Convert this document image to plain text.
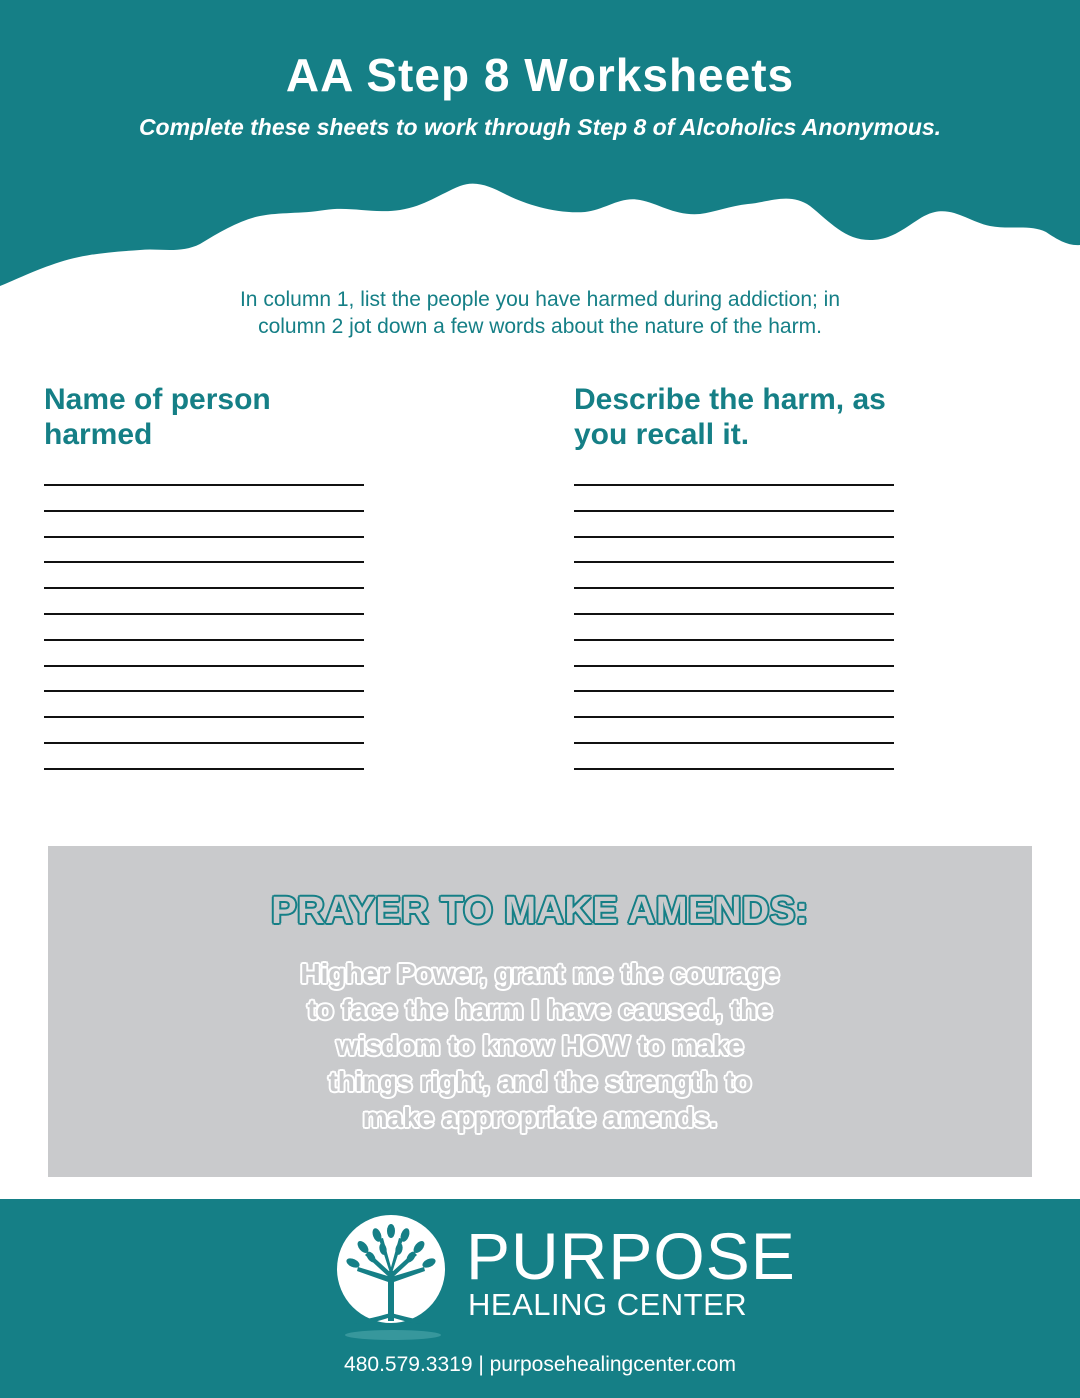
AA Step 8 Worksheets

Complete these sheets to work through Step 8 of Alcoholics Anonymous.

In column 1, list the people you have harmed during addiction; in
column 2 jot down a few words about the nature of the harm.

Name of person
harmed
Describe the harm, as
you recall it.
PRAYER TO MAKE AMENDS:

Higher Power, grant me the courage
to face the harm I have caused, the
wisdom to know HOW to make
things right, and the strength to
make appropriate amends.

PURPOSE
HEALING CENTER

480.579.3319 | purposehealingcenter.com
